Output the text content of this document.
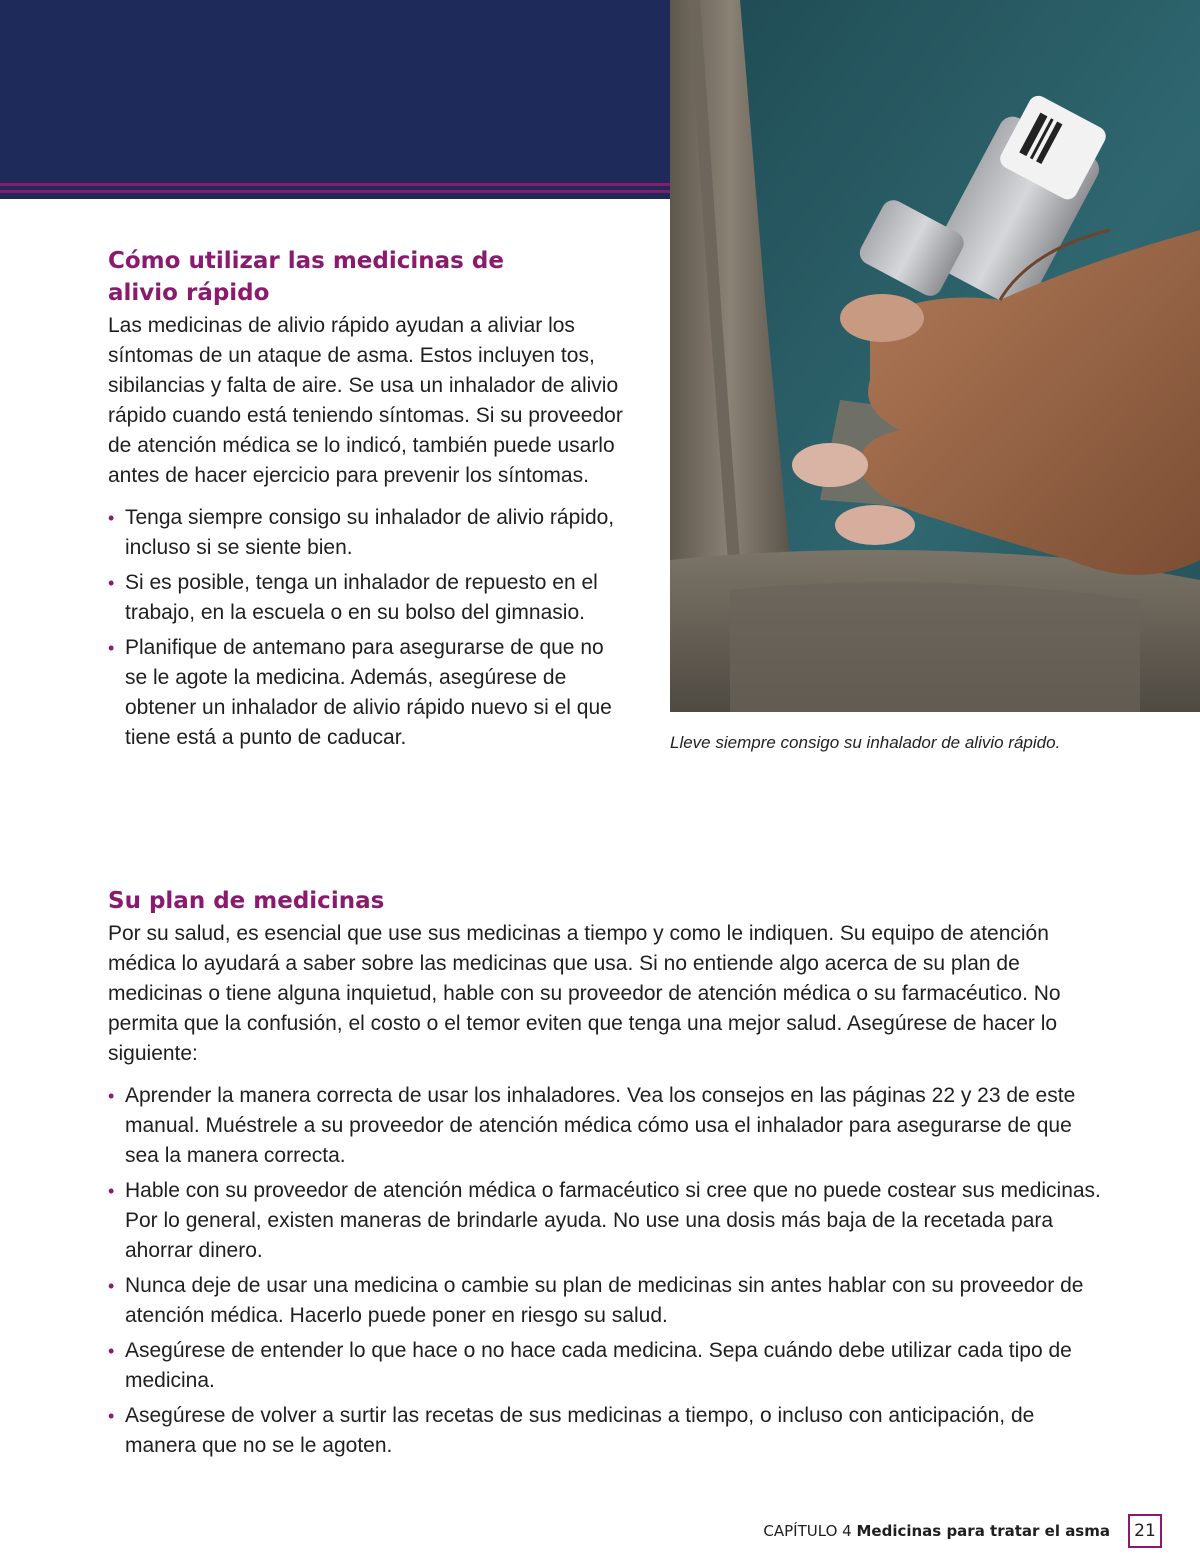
Lleve siempre consigo su inhalador de alivio rápido.
Cómo utilizar las medicinas de
alivio rápido

Las medicinas de alivio rápido ayudan a aliviar los síntomas de un ataque de asma. Estos incluyen tos, sibilancias y falta de aire. Se usa un inhalador de alivio rápido cuando está teniendo síntomas. Si su proveedor de atención médica se lo indicó, también puede usarlo antes de hacer ejercicio para prevenir los síntomas.

• Tenga siempre consigo su inhalador de alivio rápido, incluso si se siente bien.
• Si es posible, tenga un inhalador de repuesto en el trabajo, en la escuela o en su bolso del gimnasio.
• Planifique de antemano para asegurarse de que no se le agote la medicina. Además, asegúrese de obtener un inhalador de alivio rápido nuevo si el que tiene está a punto de caducar.
Su plan de medicinas

Por su salud, es esencial que use sus medicinas a tiempo y como le indiquen. Su equipo de atención médica lo ayudará a saber sobre las medicinas que usa. Si no entiende algo acerca de su plan de medicinas o tiene alguna inquietud, hable con su proveedor de atención médica o su farmacéutico. No permita que la confusión, el costo o el temor eviten que tenga una mejor salud. Asegúrese de hacer lo siguiente:

• Aprender la manera correcta de usar los inhaladores. Vea los consejos en las páginas 22 y 23 de este manual. Muéstrele a su proveedor de atención médica cómo usa el inhalador para asegurarse de que sea la manera correcta.
• Hable con su proveedor de atención médica o farmacéutico si cree que no puede costear sus medicinas. Por lo general, existen maneras de brindarle ayuda. No use una dosis más baja de la recetada para ahorrar dinero.
• Nunca deje de usar una medicina o cambie su plan de medicinas sin antes hablar con su proveedor de atención médica. Hacerlo puede poner en riesgo su salud.
• Asegúrese de entender lo que hace o no hace cada medicina. Sepa cuándo debe utilizar cada tipo de medicina.
• Asegúrese de volver a surtir las recetas de sus medicinas a tiempo, o incluso con anticipación, de manera que no se le agoten.
CAPÍTULO 4 Medicinas para tratar el asma	21
